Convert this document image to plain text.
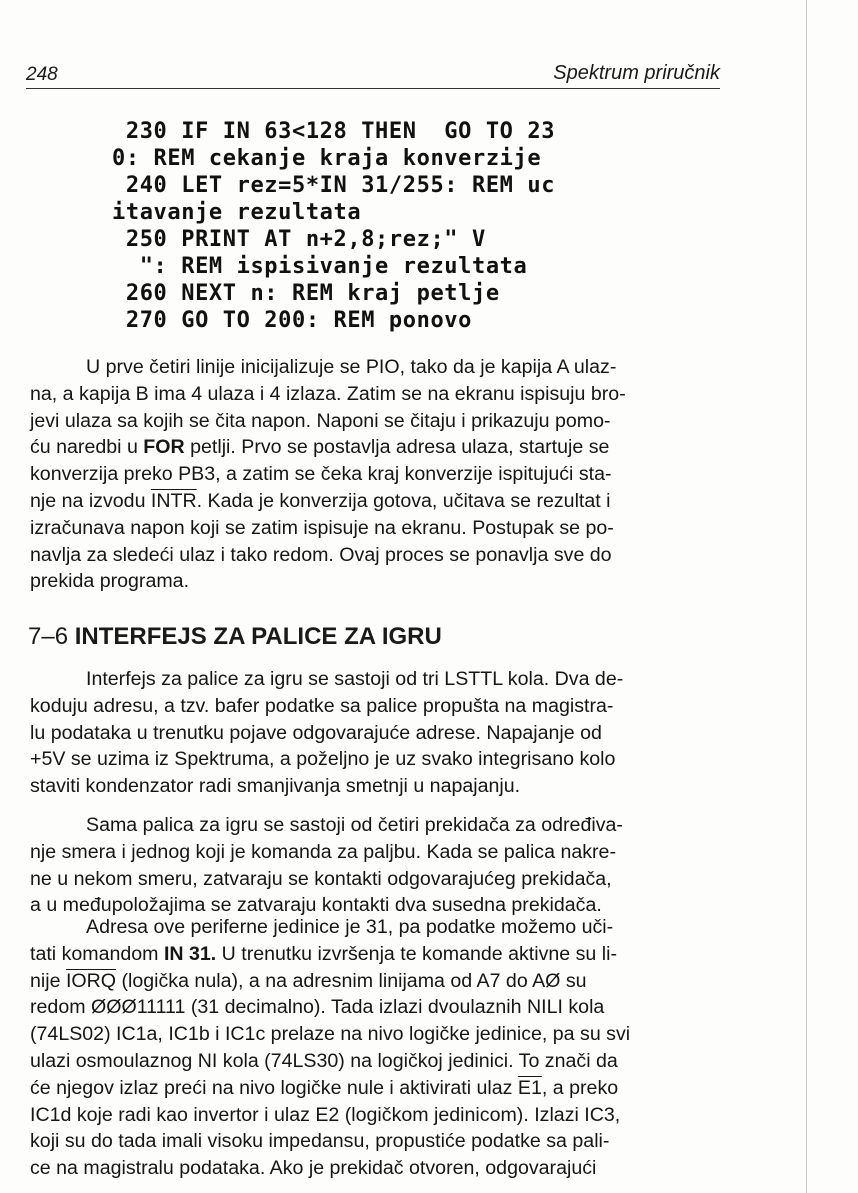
248	Spektrum priručnik
230 IF IN 63<128 THEN  GO TO 23
0: REM cekanje kraja konverzije
240 LET rez=5*IN 31/255: REM uc
itavanje rezultata
250 PRINT AT n+2,8;rez;" V
": REM ispisivanje rezultata
260 NEXT n: REM kraj petlje
270 GO TO 200: REM ponovo
U prve četiri linije inicijalizuje se PIO, tako da je kapija A ulaz-
na, a kapija B ima 4 ulaza i 4 izlaza. Zatim se na ekranu ispisuju bro-
jevi ulaza sa kojih se čita napon. Naponi se čitaju i prikazuju pomo-
ću naredbi u FOR petlji. Prvo se postavlja adresa ulaza, startuje se
konverzija preko PB3, a zatim se čeka kraj konverzije ispitujući sta-
nje na izvodu INTR. Kada je konverzija gotova, učitava se rezultat i
izračunava napon koji se zatim ispisuje na ekranu. Postupak se po-
navlja za sledeći ulaz i tako redom. Ovaj proces se ponavlja sve do
prekida programa.
7–6 INTERFEJS ZA PALICE ZA IGRU
Interfejs za palice za igru se sastoji od tri LSTTL kola. Dva de-
koduju adresu, a tzv. bafer podatke sa palice propušta na magistra-
lu podataka u trenutku pojave odgovarajuće adrese. Napajanje od
+5V se uzima iz Spektruma, a poželjno je uz svako integrisano kolo
staviti kondenzator radi smanjivanja smetnji u napajanju.
Sama palica za igru se sastoji od četiri prekidača za određiva-
nje smera i jednog koji je komanda za paljbu. Kada se palica nakre-
ne u nekom smeru, zatvaraju se kontakti odgovarajućeg prekidača,
a u međupoložajima se zatvaraju kontakti dva susedna prekidača.
Adresa ove periferne jedinice je 31, pa podatke možemo uči-
tati komandom IN 31. U trenutku izvršenja te komande aktivne su li-
nije IORQ (logička nula), a na adresnim linijama od A7 do AØ su
redom ØØØ11111 (31 decimalno). Tada izlazi dvoulaznih NILI kola
(74LS02) IC1a, IC1b i IC1c prelaze na nivo logičke jedinice, pa su svi
ulazi osmoulaznog NI kola (74LS30) na logičkoj jedinici. To znači da
će njegov izlaz preći na nivo logičke nule i aktivirati ulaz E1, a preko
IC1d koje radi kao invertor i ulaz E2 (logičkom jedinicom). Izlazi IC3,
koji su do tada imali visoku impedansu, propustiće podatke sa pali-
ce na magistralu podataka. Ako je prekidač otvoren, odgovarajući
